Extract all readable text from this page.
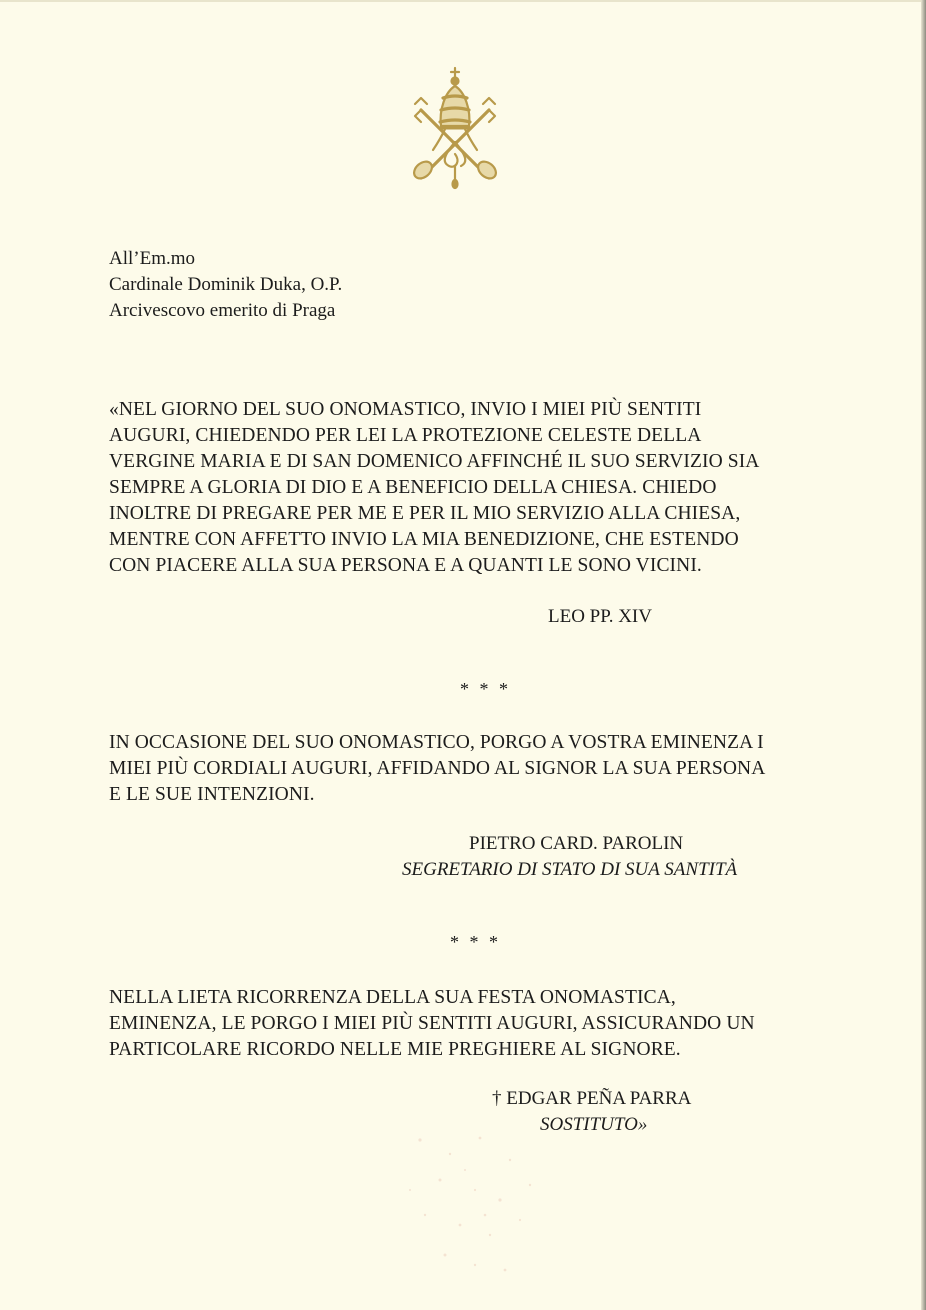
All’Em.mo

Cardinale Dominik Duka, O.P.

Arcivescovo emerito di Praga

«NEL GIORNO DEL SUO ONOMASTICO, INVIO I MIEI PIÙ SENTITI

AUGURI, CHIEDENDO PER LEI LA PROTEZIONE CELESTE DELLA

VERGINE MARIA E DI SAN DOMENICO AFFINCHÉ IL SUO SERVIZIO SIA

SEMPRE A GLORIA DI DIO E A BENEFICIO DELLA CHIESA. CHIEDO

INOLTRE DI PREGARE PER ME E PER IL MIO SERVIZIO ALLA CHIESA,

MENTRE CON AFFETTO INVIO LA MIA BENEDIZIONE, CHE ESTENDO

CON PIACERE ALLA SUA PERSONA E A QUANTI LE SONO VICINI.

LEO PP. XIV

* * *

IN OCCASIONE DEL SUO ONOMASTICO, PORGO A VOSTRA EMINENZA I

MIEI PIÙ CORDIALI AUGURI, AFFIDANDO AL SIGNOR LA SUA PERSONA

E LE SUE INTENZIONI.

PIETRO CARD. PAROLIN

SEGRETARIO DI STATO DI SUA SANTITÀ

* * *

NELLA LIETA RICORRENZA DELLA SUA FESTA ONOMASTICA,

EMINENZA, LE PORGO I MIEI PIÙ SENTITI AUGURI, ASSICURANDO UN

PARTICOLARE RICORDO NELLE MIE PREGHIERE AL SIGNORE.

† EDGAR PEÑA PARRA

SOSTITUTO»
